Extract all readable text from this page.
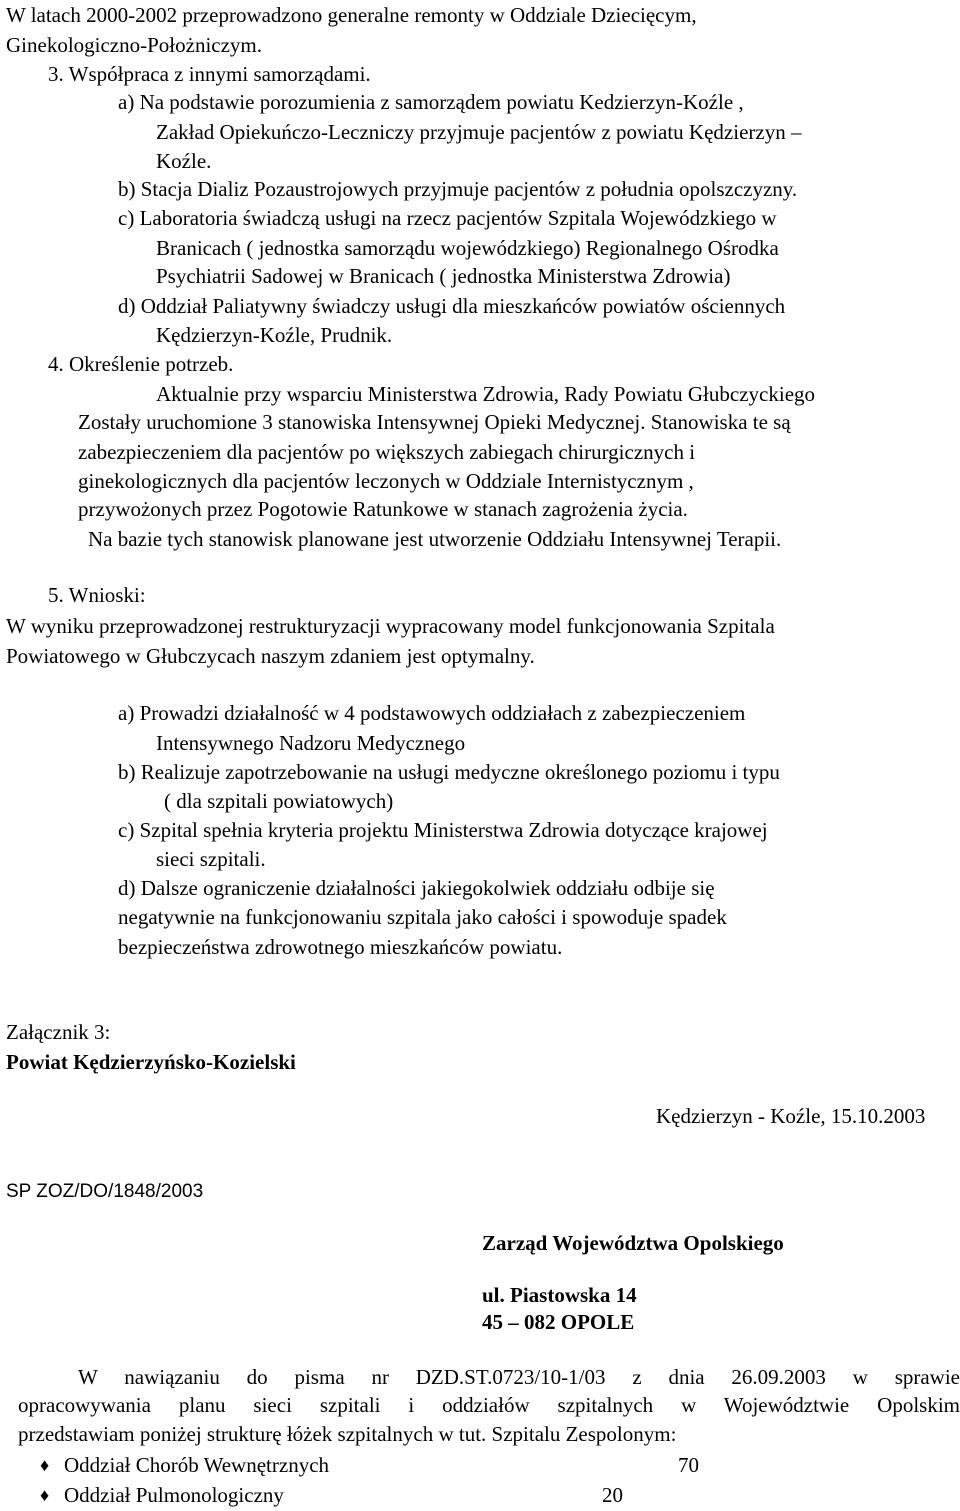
W latach 2000-2002 przeprowadzono generalne remonty w Oddziale Dziecięcym,
Ginekologiczno-Położniczym.
3. Współpraca z innymi samorządami.
a) Na podstawie porozumienia z samorządem powiatu Kedzierzyn-Koźle ,
Zakład Opiekuńczo-Leczniczy przyjmuje pacjentów z powiatu Kędzierzyn –
Koźle.
b) Stacja Dializ Pozaustrojowych przyjmuje pacjentów z południa opolszczyzny.
c) Laboratoria świadczą usługi na rzecz pacjentów Szpitala Wojewódzkiego w
Branicach ( jednostka samorządu wojewódzkiego) Regionalnego Ośrodka
Psychiatrii Sadowej w Branicach ( jednostka Ministerstwa Zdrowia)
d) Oddział Paliatywny świadczy usługi dla mieszkańców powiatów ościennych
Kędzierzyn-Koźle, Prudnik.
4. Określenie potrzeb.
Aktualnie przy wsparciu Ministerstwa Zdrowia, Rady Powiatu Głubczyckiego
Zostały uruchomione 3 stanowiska Intensywnej Opieki Medycznej. Stanowiska te są
zabezpieczeniem dla pacjentów po większych zabiegach chirurgicznych i
ginekologicznych dla pacjentów leczonych w Oddziale Internistycznym ,
przywożonych przez Pogotowie Ratunkowe w stanach zagrożenia życia.
Na bazie tych stanowisk planowane jest utworzenie Oddziału Intensywnej Terapii.
5. Wnioski:
W wyniku przeprowadzonej restrukturyzacji wypracowany model funkcjonowania Szpitala
Powiatowego w Głubczycach naszym zdaniem jest optymalny.
a) Prowadzi działalność w 4 podstawowych oddziałach z zabezpieczeniem
Intensywnego Nadzoru Medycznego
b) Realizuje zapotrzebowanie na usługi medyczne określonego poziomu i typu
( dla szpitali powiatowych)
c) Szpital spełnia kryteria projektu Ministerstwa Zdrowia dotyczące krajowej
sieci szpitali.
d) Dalsze ograniczenie działalności jakiegokolwiek oddziału odbije się
negatywnie na funkcjonowaniu szpitala jako całości i spowoduje spadek
bezpieczeństwa zdrowotnego mieszkańców powiatu.
Załącznik 3:
Powiat Kędzierzyńsko-Kozielski
Kędzierzyn - Koźle, 15.10.2003
SP ZOZ/DO/1848/2003
Zarząd Województwa Opolskiego
ul. Piastowska 14
45 – 082 OPOLE
W nawiązaniu do pisma nr DZD.ST.0723/10-1/03 z dnia 26.09.2003 w sprawie
opracowywania planu sieci szpitali i oddziałów szpitalnych w Województwie Opolskim
przedstawiam poniżej strukturę łóżek szpitalnych w tut. Szpitalu Zespolonym:
♦ Oddział Chorób Wewnętrznych	70
♦ Oddział Pulmonologiczny	20
